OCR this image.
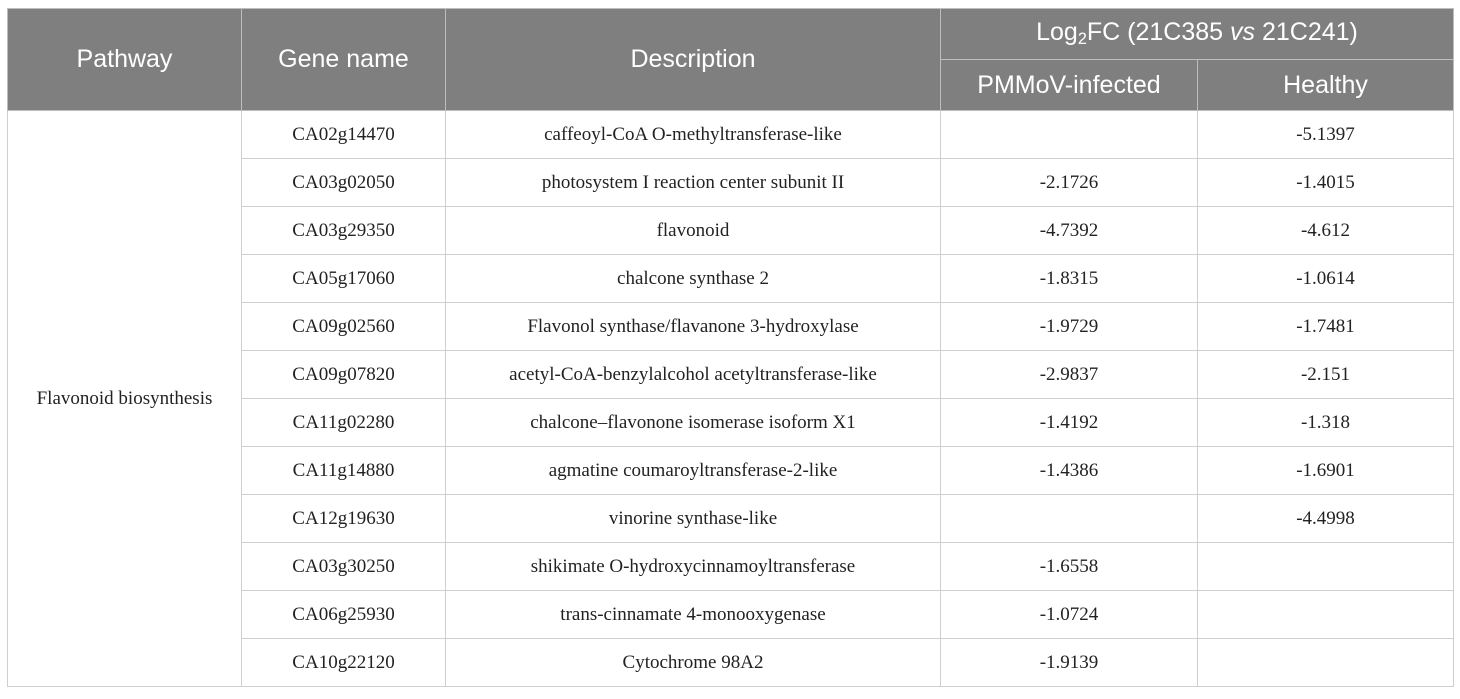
Pathway	Gene name	Description	Log$_2$FC (21C385 vs 21C241)	
			PMMoV-infected	Healthy
Flavonoid biosynthesis	CA02g14470	caffeoyl-CoA O-methyltransferase-like		-5.1397
	CA03g02050	photosystem I reaction center subunit II	-2.1726	-1.4015
	CA03g29350	flavonoid	-4.7392	-4.612
	CA05g17060	chalcone synthase 2	-1.8315	-1.0614
	CA09g02560	Flavonol synthase/flavanone 3-hydroxylase	-1.9729	-1.7481
	CA09g07820	acetyl-CoA-benzylalcohol acetyltransferase-like	-2.9837	-2.151
	CA11g02280	chalcone–flavonone isomerase isoform X1	-1.4192	-1.318
	CA11g14880	agmatine coumaroyltransferase-2-like	-1.4386	-1.6901
	CA12g19630	vinorine synthase-like		-4.4998
	CA03g30250	shikimate O-hydroxycinnamoyltransferase	-1.6558	
	CA06g25930	trans-cinnamate 4-monooxygenase	-1.0724	
	CA10g22120	Cytochrome 98A2	-1.9139	
